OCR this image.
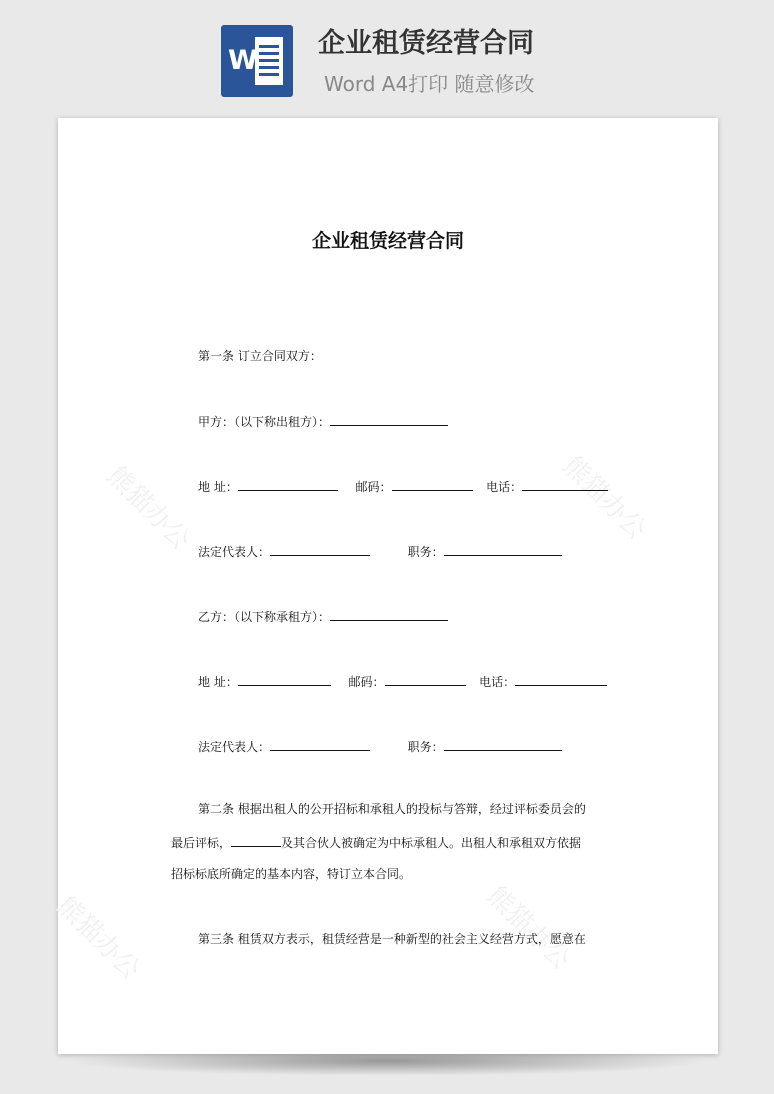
W
企业租赁经营合同
Word A4打印 随意修改
熊猫办公	熊猫办公
熊猫办公	熊猫办公
企业租赁经营合同
第一条 订立合同双方：
甲方：（以下称出租方）：
地 址：	邮码：	电话：
法定代表人：	职务：
乙方：（以下称承租方）：
地 址：	邮码：	电话：
法定代表人：	职务：
第二条 根据出租人的公开招标和承租人的投标与答辩，经过评标委员会的
最后评标，	及其合伙人被确定为中标承租人。出租人和承租双方依据
招标标底所确定的基本内容，特订立本合同。
第三条 租赁双方表示，租赁经营是一种新型的社会主义经营方式，愿意在
